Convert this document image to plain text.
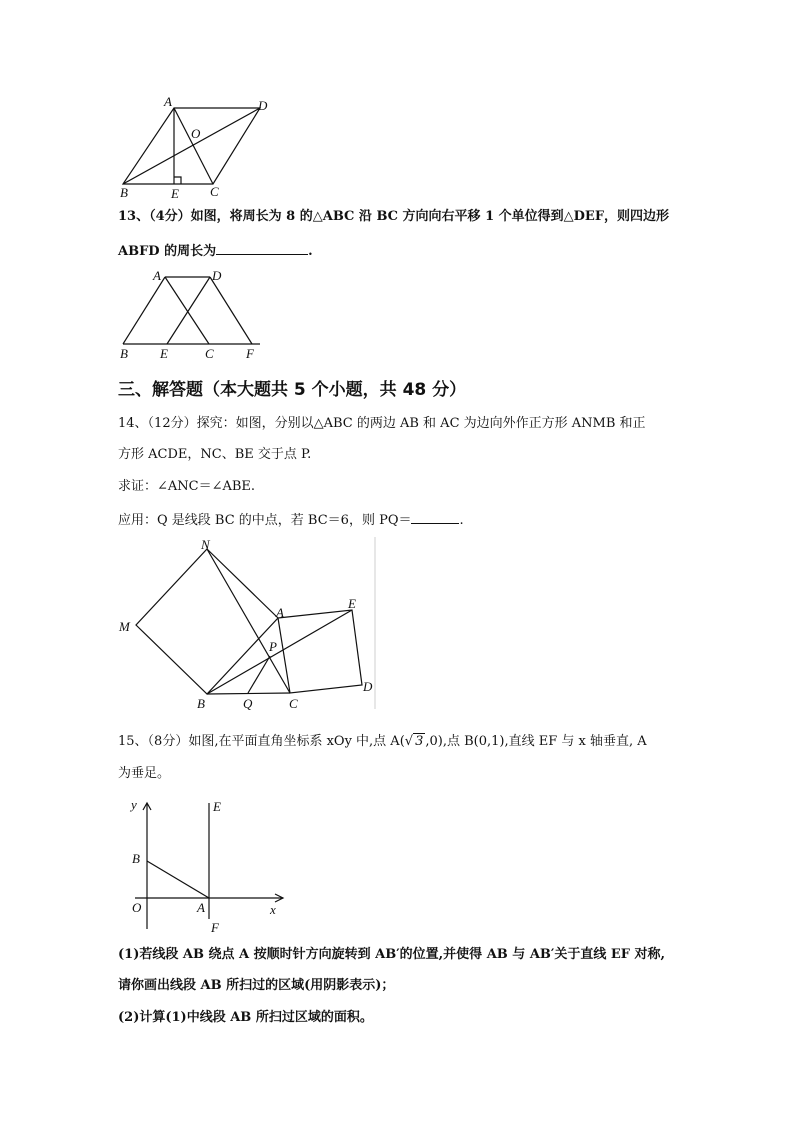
A	D
O
B	E C
13、（4分）如图，将周长为 8 的△ABC 沿 BC 方向向右平移 1 个单位得到△DEF，则四边形
ABFD 的周长为	.
A	D
B E	C F
三、解答题（本大题共 5 个小题，共 48 分）
14、（12分）探究：如图，分别以△ABC 的两边 AB 和 AC 为边向外作正方形 ANMB 和正
方形 ACDE，NC、BE 交于点 P.
求证：∠ANC＝∠ABE.
应用：Q 是线段 BC 的中点，若 BC＝6，则 PQ＝	.
N
M
A
E
P
B	Q	C
D
15、（8分）如图,在平面直角坐标系 xOy 中,点 A(√ 3 ,0),点 B(0,1),直线 EF 与 x 轴垂直, A
为垂足。
y	E
B
O	A	x
F
(1)若线段 AB 绕点 A 按顺时针方向旋转到 AB′的位置,并使得 AB 与 AB′关于直线 EF 对称,
请你画出线段 AB 所扫过的区域(用阴影表示)；
(2)计算(1)中线段 AB 所扫过区域的面积。
